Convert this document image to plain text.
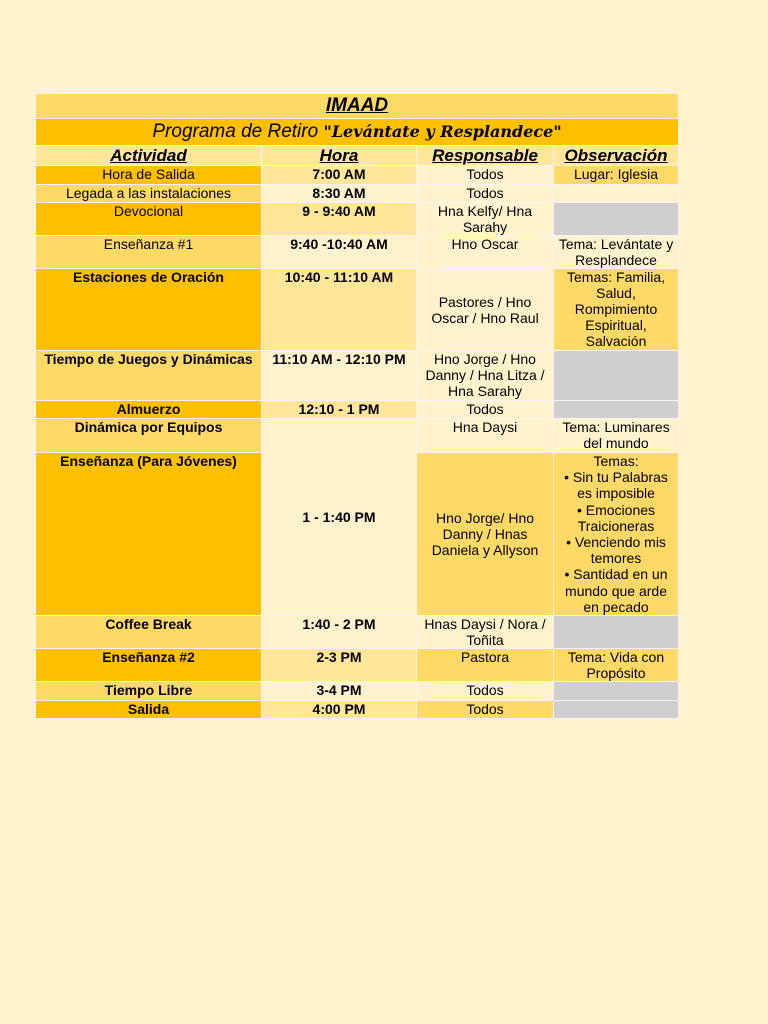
IMAAD			
Programa de Retiro "Levántate y Resplandece"			
Actividad	Hora	Responsable	Observación
Hora de Salida	7:00 AM	Todos	Lugar: Iglesia
Legada a las instalaciones	8:30 AM	Todos	
Devocional	9 - 9:40 AM	Hna Kelfy/ Hna Sarahy	
Enseñanza #1	9:40 -10:40 AM	Hno Oscar	Tema: Levántate y Resplandece
Estaciones de Oración	10:40 - 11:10 AM	Pastores / Hno Oscar / Hno Raul	Temas: Familia, Salud, Rompimiento Espiritual, Salvación
Tiempo de Juegos y Dinámicas	11:10 AM - 12:10 PM	Hno Jorge / Hno Danny / Hna Litza / Hna Sarahy	
Almuerzo	12:10 - 1 PM	Todos	
Dinámica por Equipos	1 - 1:40 PM	Hna Daysi	Tema: Luminares del mundo
Enseñanza (Para Jóvenes)		Hno Jorge/ Hno Danny / Hnas Daniela y Allyson	Temas:
• Sin tu Palabras es imposible
• Emociones Traicioneras
• Venciendo mis temores
• Santidad en un mundo que arde en pecado

Coffee Break	1:40 - 2 PM	Hnas Daysi / Nora / Toñita	
Enseñanza #2	2-3 PM	Pastora	Tema: Vida con Propósito
Tiempo Libre	3-4 PM	Todos	
Salida	4:00 PM	Todos	
